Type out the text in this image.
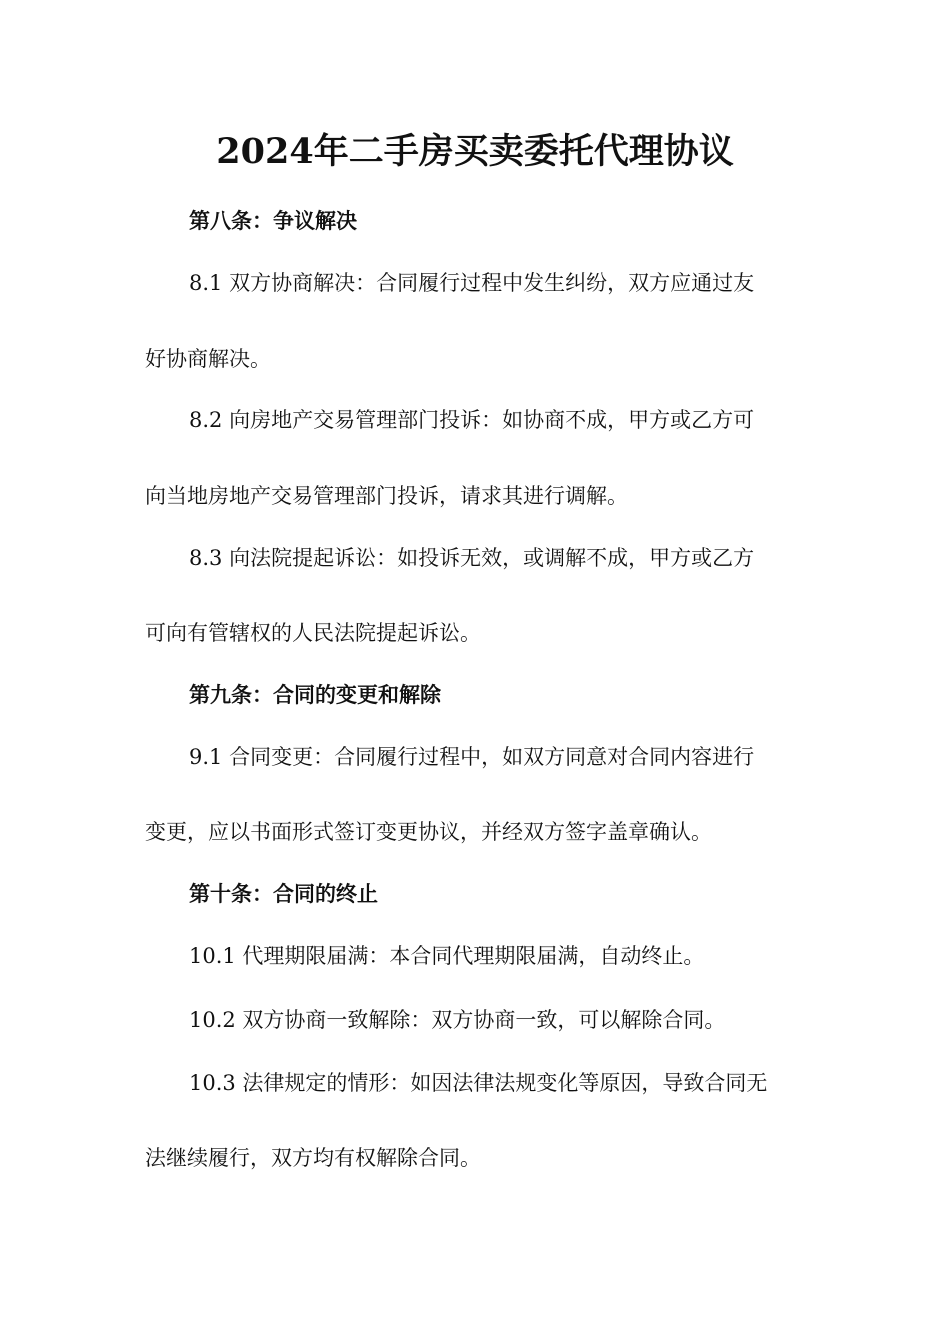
2024年二手房买卖委托代理协议
第八条：争议解决
8.1 双方协商解决：合同履行过程中发生纠纷，双方应通过友
好协商解决。
8.2 向房地产交易管理部门投诉：如协商不成，甲方或乙方可
向当地房地产交易管理部门投诉，请求其进行调解。
8.3 向法院提起诉讼：如投诉无效，或调解不成，甲方或乙方
可向有管辖权的人民法院提起诉讼。
第九条：合同的变更和解除
9.1 合同变更：合同履行过程中，如双方同意对合同内容进行
变更，应以书面形式签订变更协议，并经双方签字盖章确认。
第十条：合同的终止
10.1 代理期限届满：本合同代理期限届满，自动终止。
10.2 双方协商一致解除：双方协商一致，可以解除合同。
10.3 法律规定的情形：如因法律法规变化等原因，导致合同无
法继续履行，双方均有权解除合同。
